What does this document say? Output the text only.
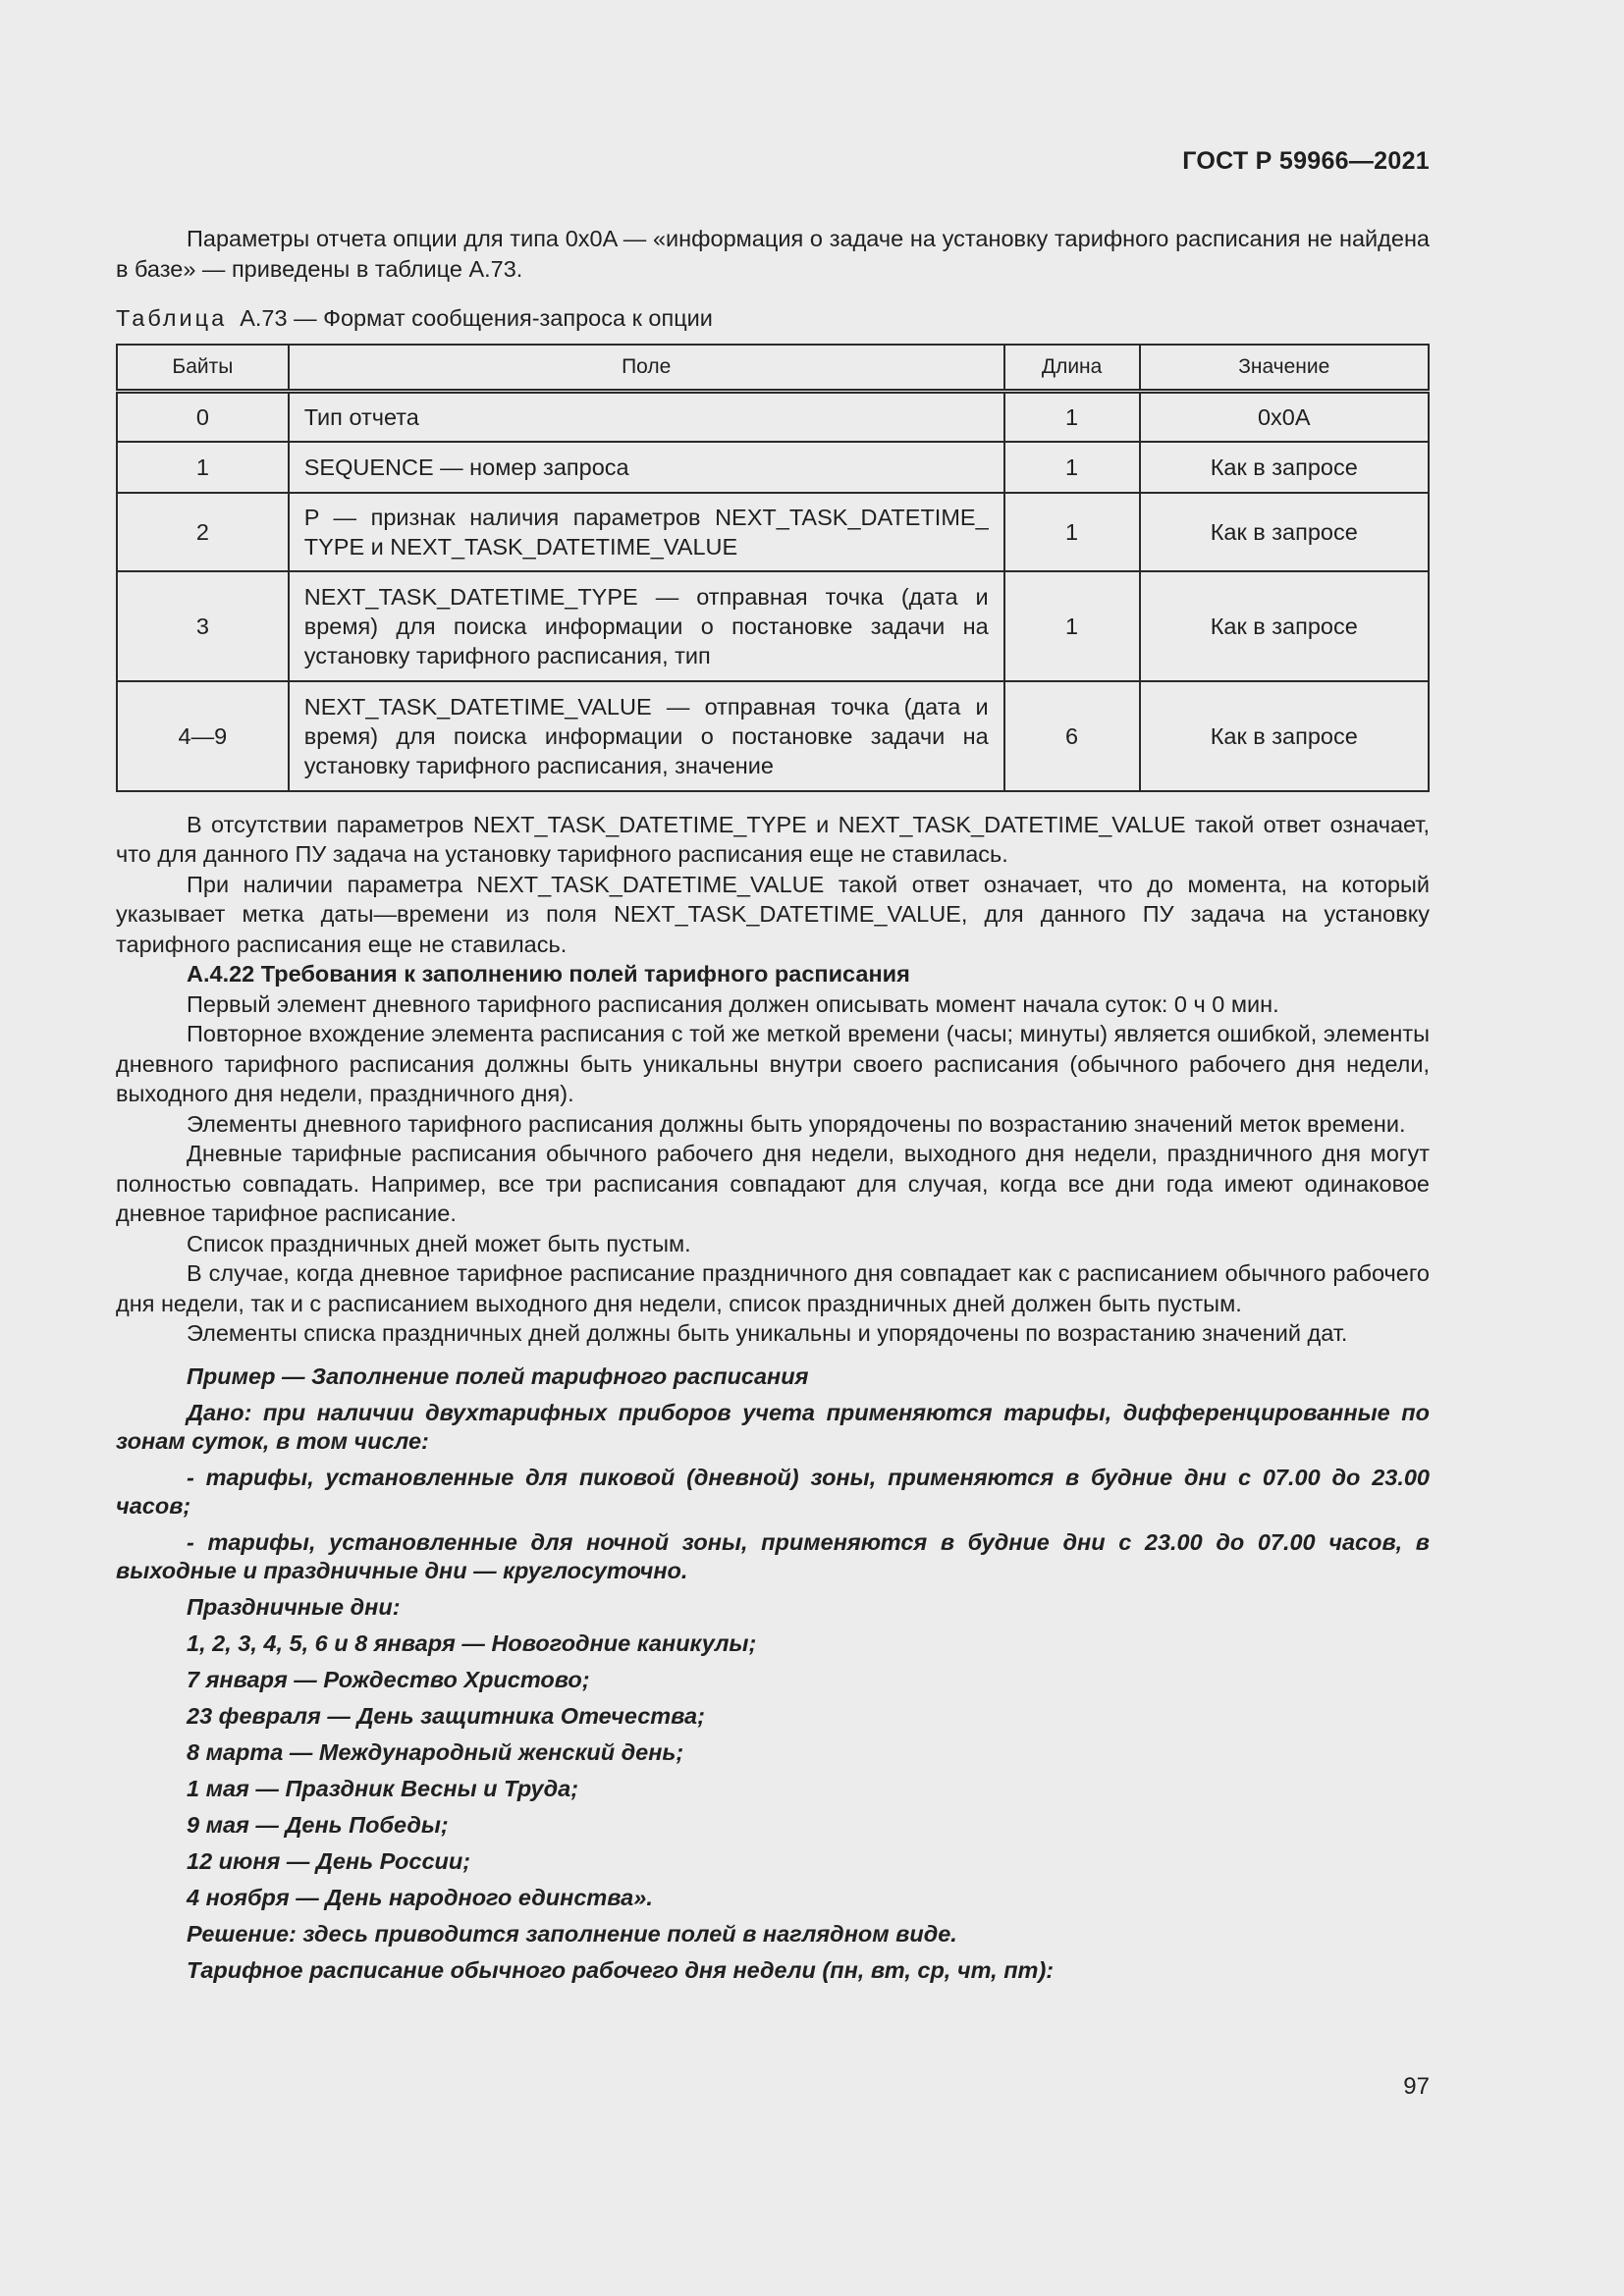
ГОСТ Р 59966—2021

Параметры отчета опции для типа 0x0A — «информация о задаче на установку тарифного расписания не найдена в базе» — приведены в таблице А.73.

Таблица А.73 — Формат сообщения-запроса к опции

Байты	Поле	Длина	Значение
0	Тип отчета	1	0x0A
1	SEQUENCE — номер запроса	1	Как в запросе
2	P — признак наличия параметров NEXT_TASK_DATETIME_ TYPE и NEXT_TASK_DATETIME_VALUE	1	Как в запросе
3	NEXT_TASK_DATETIME_TYPE — отправная точка (дата и время) для поиска информации о постановке задачи на установку тарифного расписания, тип	1	Как в запросе
4—9	NEXT_TASK_DATETIME_VALUE — отправная точка (дата и время) для поиска информации о постановке задачи на установку тарифного расписания, значение	6	Как в запросе

В отсутствии параметров NEXT_TASK_DATETIME_TYPE и NEXT_TASK_DATETIME_VALUE такой ответ означает, что для данного ПУ задача на установку тарифного расписания еще не ставилась.

При наличии параметра NEXT_TASK_DATETIME_VALUE такой ответ означает, что до момента, на который указывает метка даты—времени из поля NEXT_TASK_DATETIME_VALUE, для данного ПУ задача на установку тарифного расписания еще не ставилась.

А.4.22 Требования к заполнению полей тарифного расписания

Первый элемент дневного тарифного расписания должен описывать момент начала суток: 0 ч 0 мин.

Повторное вхождение элемента расписания с той же меткой времени (часы; минуты) является ошибкой, элементы дневного тарифного расписания должны быть уникальны внутри своего расписания (обычного рабочего дня недели, выходного дня недели, праздничного дня).

Элементы дневного тарифного расписания должны быть упорядочены по возрастанию значений меток времени.

Дневные тарифные расписания обычного рабочего дня недели, выходного дня недели, праздничного дня могут полностью совпадать. Например, все три расписания совпадают для случая, когда все дни года имеют одинаковое дневное тарифное расписание.

Список праздничных дней может быть пустым.

В случае, когда дневное тарифное расписание праздничного дня совпадает как с расписанием обычного рабочего дня недели, так и с расписанием выходного дня недели, список праздничных дней должен быть пустым.

Элементы списка праздничных дней должны быть уникальны и упорядочены по возрастанию значений дат.

Пример — Заполнение полей тарифного расписания

Дано: при наличии двухтарифных приборов учета применяются тарифы, дифференцированные по зонам суток, в том числе:

- тарифы, установленные для пиковой (дневной) зоны, применяются в будние дни с 07.00 до 23.00 часов;

- тарифы, установленные для ночной зоны, применяются в будние дни с 23.00 до 07.00 часов, в выходные и праздничные дни — круглосуточно.

Праздничные дни:

1, 2, 3, 4, 5, 6 и 8 января — Новогодние каникулы;

7 января — Рождество Христово;

23 февраля — День защитника Отечества;

8 марта — Международный женский день;

1 мая — Праздник Весны и Труда;

9 мая — День Победы;

12 июня — День России;

4 ноября — День народного единства».

Решение: здесь приводится заполнение полей в наглядном виде.

Тарифное расписание обычного рабочего дня недели (пн, вт, ср, чт, пт):

97
